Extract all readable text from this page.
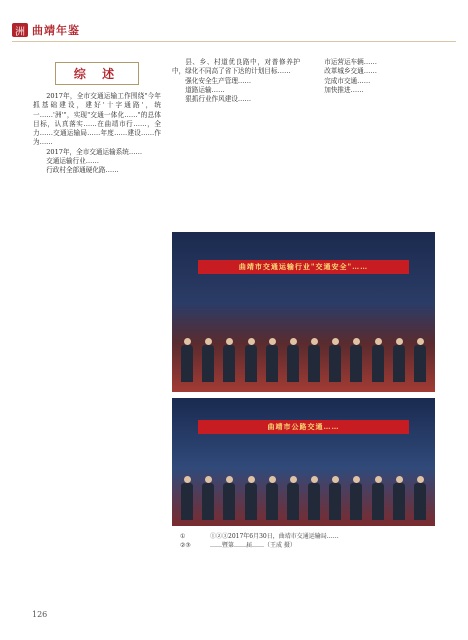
洲 曲靖年鉴
综 述

2017年，全市交通运输工作围绕"今年抓基础建设，建好'十字通路'，统一……'洲'"，实现"交通一体化……"的总体目标，认真落实……在曲靖市行……，全力……交通运输局……年度……建设……作为……

2017年，全市交通运输系统……

交通运输行业……

行政村全部通硬化路……

县、乡、村道优良路中，对普修养护中，绿化不同高了省下达的计划目标……

强化安全生产管理……

道路运输……

狠抓行业作风建设……

市运营运车辆……

改革城乡交通……

完成市交通……

加快推进……

曲靖市交通运输行业"交通安全"……
曲靖市公路交通……
①	①②③2017年6月30日，曲靖市交通运输局……
②③	……暨第……届……（王成 摄）
126
